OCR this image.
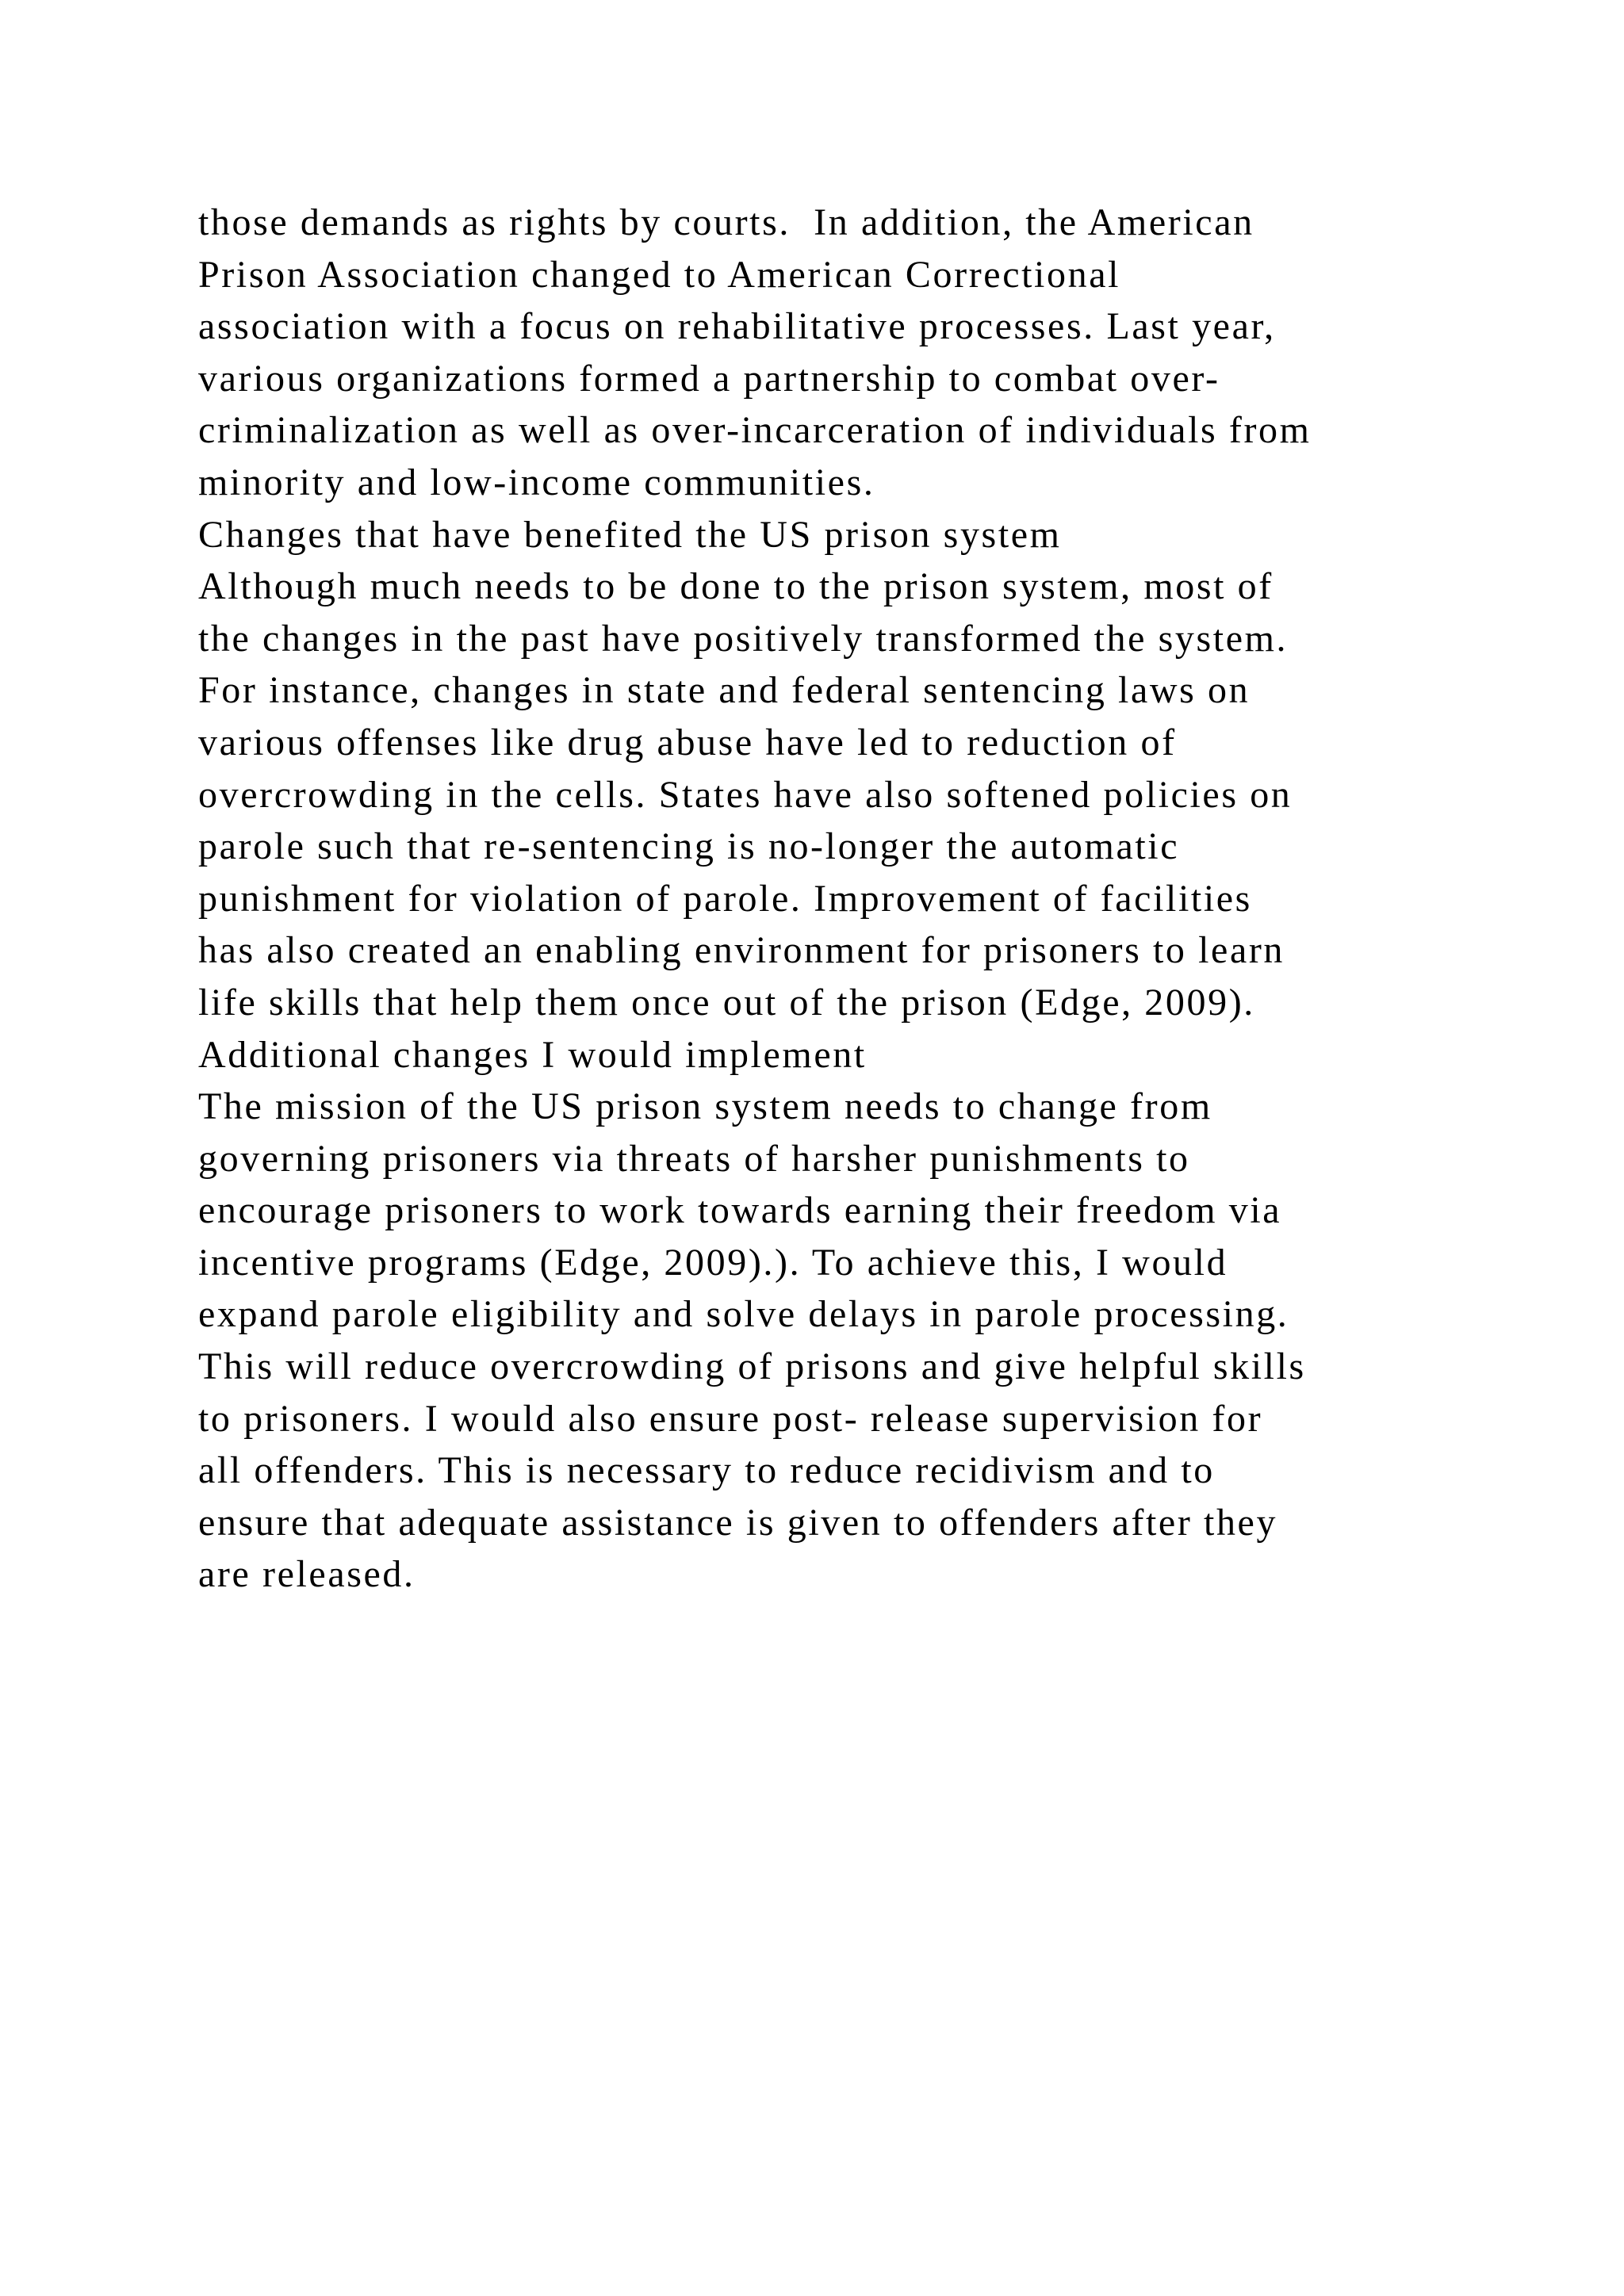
those demands as rights by courts.  In addition, the American
Prison Association changed to American Correctional
association with a focus on rehabilitative processes. Last year,
various organizations formed a partnership to combat over-
criminalization as well as over-incarceration of individuals from
minority and low-income communities.
Changes that have benefited the US prison system
Although much needs to be done to the prison system, most of
the changes in the past have positively transformed the system.
For instance, changes in state and federal sentencing laws on
various offenses like drug abuse have led to reduction of
overcrowding in the cells. States have also softened policies on
parole such that re-sentencing is no-longer the automatic
punishment for violation of parole. Improvement of facilities
has also created an enabling environment for prisoners to learn
life skills that help them once out of the prison (Edge, 2009).
Additional changes I would implement
The mission of the US prison system needs to change from
governing prisoners via threats of harsher punishments to
encourage prisoners to work towards earning their freedom via
incentive programs (Edge, 2009).). To achieve this, I would
expand parole eligibility and solve delays in parole processing.
This will reduce overcrowding of prisons and give helpful skills
to prisoners. I would also ensure post- release supervision for
all offenders. This is necessary to reduce recidivism and to
ensure that adequate assistance is given to offenders after they
are released.
